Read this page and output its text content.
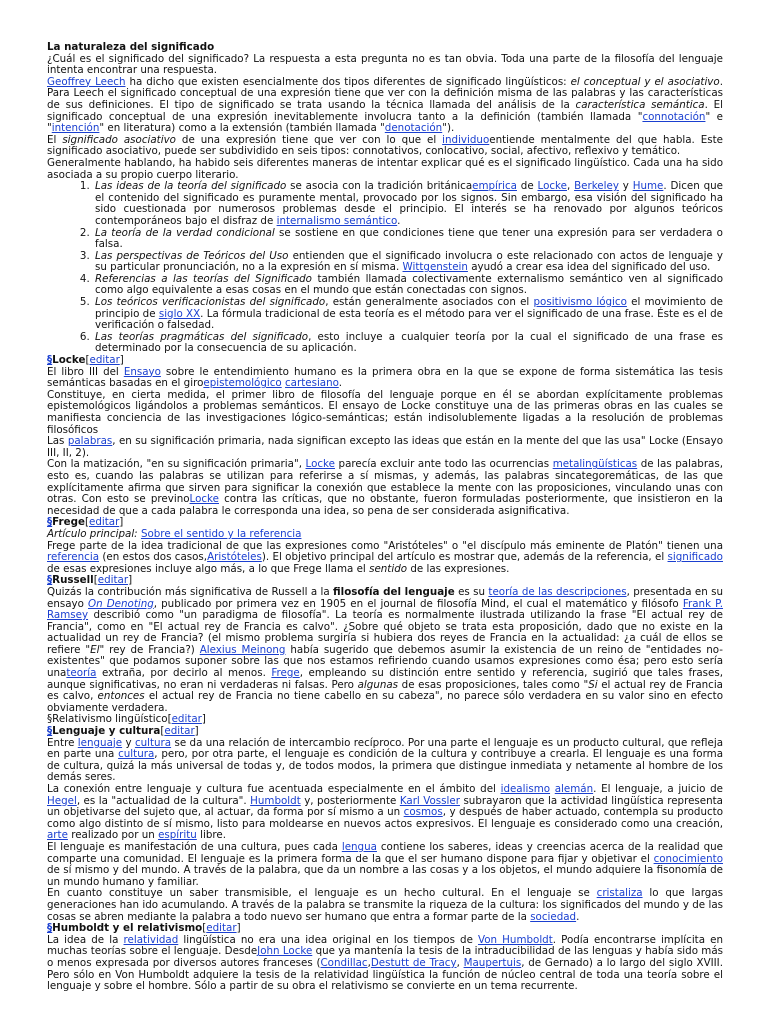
La naturaleza del significado

¿Cuál es el significado del significado? La respuesta a esta pregunta no es tan obvia. Toda una parte de la filosofía del lenguaje intenta encontrar una respuesta.

Geoffrey Leech ha dicho que existen esencialmente dos tipos diferentes de significado lingüísticos: el conceptual y el asociativo. Para Leech el significado conceptual de una expresión tiene que ver con la definición misma de las palabras y las características de sus definiciones. El tipo de significado se trata usando la técnica llamada del análisis de la característica semántica. El significado conceptual de una expresión inevitablemente involucra tanto a la definición (también llamada "connotación" e "intención" en literatura) como a la extensión (también llamada "denotación").

El significado asociativo de una expresión tiene que ver con lo que el individuoentiende mentalmente del que habla. Este significado asociativo, puede ser subdividido en seis tipos: connotativos, conlocativo, social, afectivo, reflexivo y temático.

Generalmente hablando, ha habido seis diferentes maneras de intentar explicar qué es el significado lingüístico. Cada una ha sido asociada a su propio cuerpo literario.

1. Las ideas de la teoría del significado se asocia con la tradición británicaempírica de Locke, Berkeley y Hume. Dicen que el contenido del significado es puramente mental, provocado por los signos. Sin embargo, esa visión del significado ha sido cuestionada por numerosos problemas desde el principio. El interés se ha renovado por algunos teóricos contemporáneos bajo el disfraz de internalismo semántico.
2. La teoría de la verdad condicional se sostiene en que condiciones tiene que tener una expresión para ser verdadera o falsa.
3. Las perspectivas de Teóricos del Uso entienden que el significado involucra o este relacionado con actos de lenguaje y su particular pronunciación, no a la expresión en sí misma. Wittgenstein ayudó a crear esa idea del significado del uso.
4. Referencias a las teorías del Significado también llamada colectivamente externalismo semántico ven al significado como algo equivalente a esas cosas en el mundo que están conectadas con signos.
5. Los teóricos verificacionistas del significado, están generalmente asociados con el positivismo lógico el movimiento de principio de siglo XX. La fórmula tradicional de esta teoría es el método para ver el significado de una frase. Éste es el de verificación o falsedad.
6. Las teorías pragmáticas del significado, esto incluye a cualquier teoría por la cual el significado de una frase es determinado por la consecuencia de su aplicación.

§Locke[editar]

El libro III del Ensayo sobre le entendimiento humano es la primera obra en la que se expone de forma sistemática las tesis semánticas basadas en el giroepistemológico cartesiano.

Constituye, en cierta medida, el primer libro de filosofía del lenguaje porque en él se abordan explícitamente problemas epistemológicos ligándolos a problemas semánticos. El ensayo de Locke constituye una de las primeras obras en las cuales se manifiesta conciencia de las investigaciones lógico-semánticas; están indisolublemente ligadas a la resolución de problemas filosóficos

Las palabras, en su significación primaria, nada significan excepto las ideas que están en la mente del que las usa" Locke (Ensayo III, II, 2).

Con la matización, "en su significación primaria", Locke parecía excluir ante todo las ocurrencias metalingüísticas de las palabras, esto es, cuando las palabras se utilizan para referirse a sí mismas, y además, las palabras sincategoremáticas, de las que explícitamente afirma que sirven para significar la conexión que establece la mente con las proposiciones, vinculando unas con otras. Con esto se previnoLocke contra las críticas, que no obstante, fueron formuladas posteriormente, que insistieron en la necesidad de que a cada palabra le corresponda una idea, so pena de ser considerada asignificativa.

§Frege[editar]

Artículo principal: Sobre el sentido y la referencia

Frege parte de la idea tradicional de que las expresiones como "Aristóteles" o "el discípulo más eminente de Platón" tienen una referencia (en estos dos casos,Aristóteles). El objetivo principal del artículo es mostrar que, además de la referencia, el significado de esas expresiones incluye algo más, a lo que Frege llama el sentido de las expresiones.

§Russell[editar]

Quizás la contribución más significativa de Russell a la filosofía del lenguaje es su teoría de las descripciones, presentada en su ensayo On Denoting, publicado por primera vez en 1905 en el journal de filosofía Mind, el cual el matemático y filósofo Frank P. Ramsey describió como "un paradigma de filosofía". La teoría es normalmente ilustrada utilizando la frase "El actual rey de Francia", como en "El actual rey de Francia es calvo". ¿Sobre qué objeto se trata esta proposición, dado que no existe en la actualidad un rey de Francia? (el mismo problema surgiría si hubiera dos reyes de Francia en la actualidad: ¿a cuál de ellos se refiere "El" rey de Francia?) Alexius Meinong había sugerido que debemos asumir la existencia de un reino de "entidades no-existentes" que podamos suponer sobre las que nos estamos refiriendo cuando usamos expresiones como ésa; pero esto sería unateoría extraña, por decirlo al menos. Frege, empleando su distinción entre sentido y referencia, sugirió que tales frases, aunque significativas, no eran ni verdaderas ni falsas. Pero algunas de esas proposiciones, tales como "Si el actual rey de Francia es calvo, entonces el actual rey de Francia no tiene cabello en su cabeza", no parece sólo verdadera en su valor sino en efecto obviamente verdadera.

§Relativismo lingüístico[editar]

§Lenguaje y cultura[editar]

Entre lenguaje y cultura se da una relación de intercambio recíproco. Por una parte el lenguaje es un producto cultural, que refleja en parte una cultura, pero, por otra parte, el lenguaje es condición de la cultura y contribuye a crearla. El lenguaje es una forma de cultura, quizá la más universal de todas y, de todos modos, la primera que distingue inmediata y netamente al hombre de los demás seres.

La conexión entre lenguaje y cultura fue acentuada especialmente en el ámbito del idealismo alemán. El lenguaje, a juicio de Hegel, es la "actualidad de la cultura". Humboldt y, posteriormente Karl Vossler subrayaron que la actividad lingüística representa un objetivarse del sujeto que, al actuar, da forma por sí mismo a un cosmos, y después de haber actuado, contempla su producto como algo distinto de sí mismo, listo para moldearse en nuevos actos expresivos. El lenguaje es considerado como una creación, arte realizado por un espíritu libre.

El lenguaje es manifestación de una cultura, pues cada lengua contiene los saberes, ideas y creencias acerca de la realidad que comparte una comunidad. El lenguaje es la primera forma de la que el ser humano dispone para fijar y objetivar el conocimiento de sí mismo y del mundo. A través de la palabra, que da un nombre a las cosas y a los objetos, el mundo adquiere la fisonomía de un mundo humano y familiar.

En cuanto constituye un saber transmisible, el lenguaje es un hecho cultural. En el lenguaje se cristaliza lo que largas generaciones han ido acumulando. A través de la palabra se transmite la riqueza de la cultura: los significados del mundo y de las cosas se abren mediante la palabra a todo nuevo ser humano que entra a formar parte de la sociedad.

§Humboldt y el relativismo[editar]

La idea de la relatividad lingüística no era una idea original en los tiempos de Von Humboldt. Podía encontrarse implícita en muchas teorías sobre el lenguaje. DesdeJohn Locke que ya mantenía la tesis de la intraducibilidad de las lenguas y había sido más o menos expresada por diversos autores franceses (Condillac,Destutt de Tracy, Maupertuis, de Gernado) a lo largo del siglo XVIII. Pero sólo en Von Humboldt adquiere la tesis de la relatividad lingüística la función de núcleo central de toda una teoría sobre el lenguaje y sobre el hombre. Sólo a partir de su obra el relativismo se convierte en un tema recurrente.
